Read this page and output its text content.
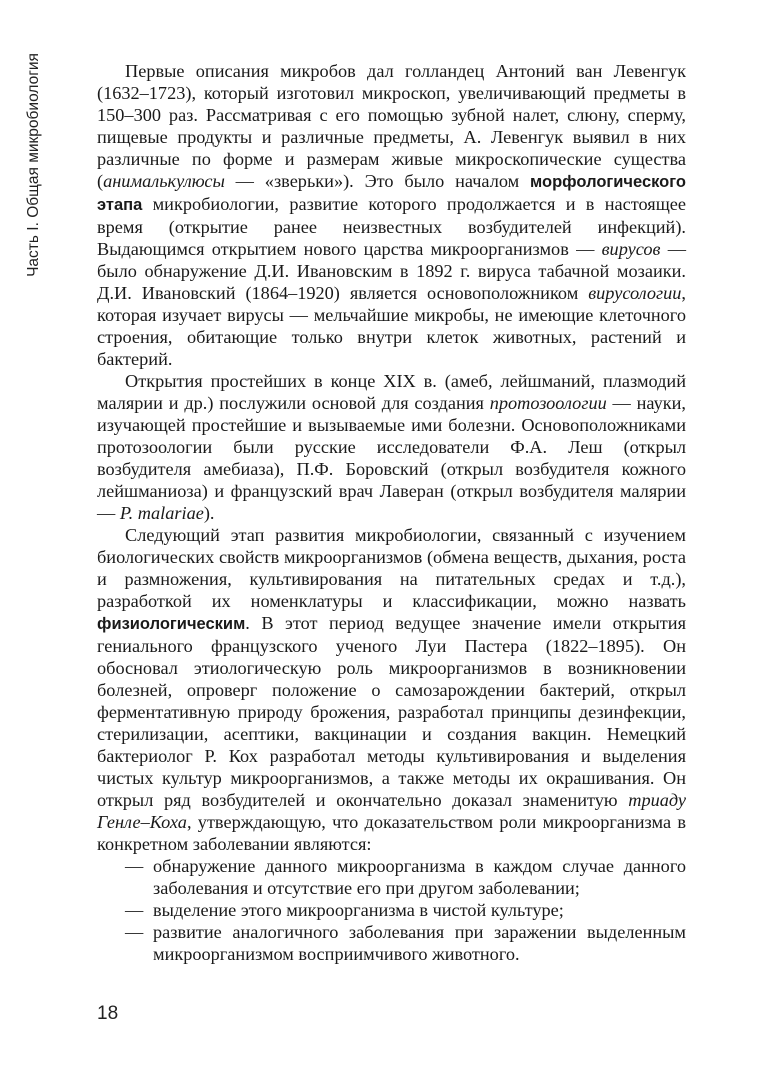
Часть I. Общая микробиология	Первые описания микробов дал голландец Антоний ван Левенгук (1632–1723), который изготовил микроскоп, увеличивающий предметы в 150–300 раз. Рассматривая с его помощью зубной налет, слюну, сперму, пищевые продукты и различные предметы, А. Левенгук выявил в них различные по форме и размерам живые микроскопические существа (анималькулюсы — «зверьки»). Это было началом морфологического этапа микробиологии, развитие которого продолжается и в настоящее время (открытие ранее неизвестных возбудителей инфекций). Выдающимся открытием нового царства микроорганизмов — вирусов — было обнаружение Д.И. Ивановским в 1892 г. вируса табачной мозаики. Д.И. Ивановский (1864–1920) является основоположником вирусологии, которая изучает вирусы — мельчайшие микробы, не имеющие клеточного строения, обитающие только внутри клеток животных, растений и бактерий.

Открытия простейших в конце XIX в. (амеб, лейшманий, плазмодий малярии и др.) послужили основой для создания протозоологии — науки, изучающей простейшие и вызываемые ими болезни. Основоположниками протозоологии были русские исследователи Ф.А. Леш (открыл возбудителя амебиаза), П.Ф. Боровский (открыл возбудителя кожного лейшманиоза) и французский врач Лаверан (открыл возбудителя малярии — P. malariae).

Следующий этап развития микробиологии, связанный с изучением биологических свойств микроорганизмов (обмена веществ, дыхания, роста и размножения, культивирования на питательных средах и т.д.), разработкой их номенклатуры и классификации, можно назвать физиологическим. В этот период ведущее значение имели открытия гениального французского ученого Луи Пастера (1822–1895). Он обосновал этиологическую роль микроорганизмов в возникновении болезней, опроверг положение о самозарождении бактерий, открыл ферментативную природу брожения, разработал принципы дезинфекции, стерилизации, асептики, вакцинации и создания вакцин. Немецкий бактериолог Р. Кох разработал методы культивирования и выделения чистых культур микроорганизмов, а также методы их окрашивания. Он открыл ряд возбудителей и окончательно доказал знаменитую триаду Генле–Коха, утверждающую, что доказательством роли микроорганизма в конкретном заболевании являются:

— обнаружение данного микроорганизма в каждом случае данного заболевания и отсутствие его при другом заболевании;
— выделение этого микроорганизма в чистой культуре;
— развитие аналогичного заболевания при заражении выделенным микроорганизмом восприимчивого животного.
18
